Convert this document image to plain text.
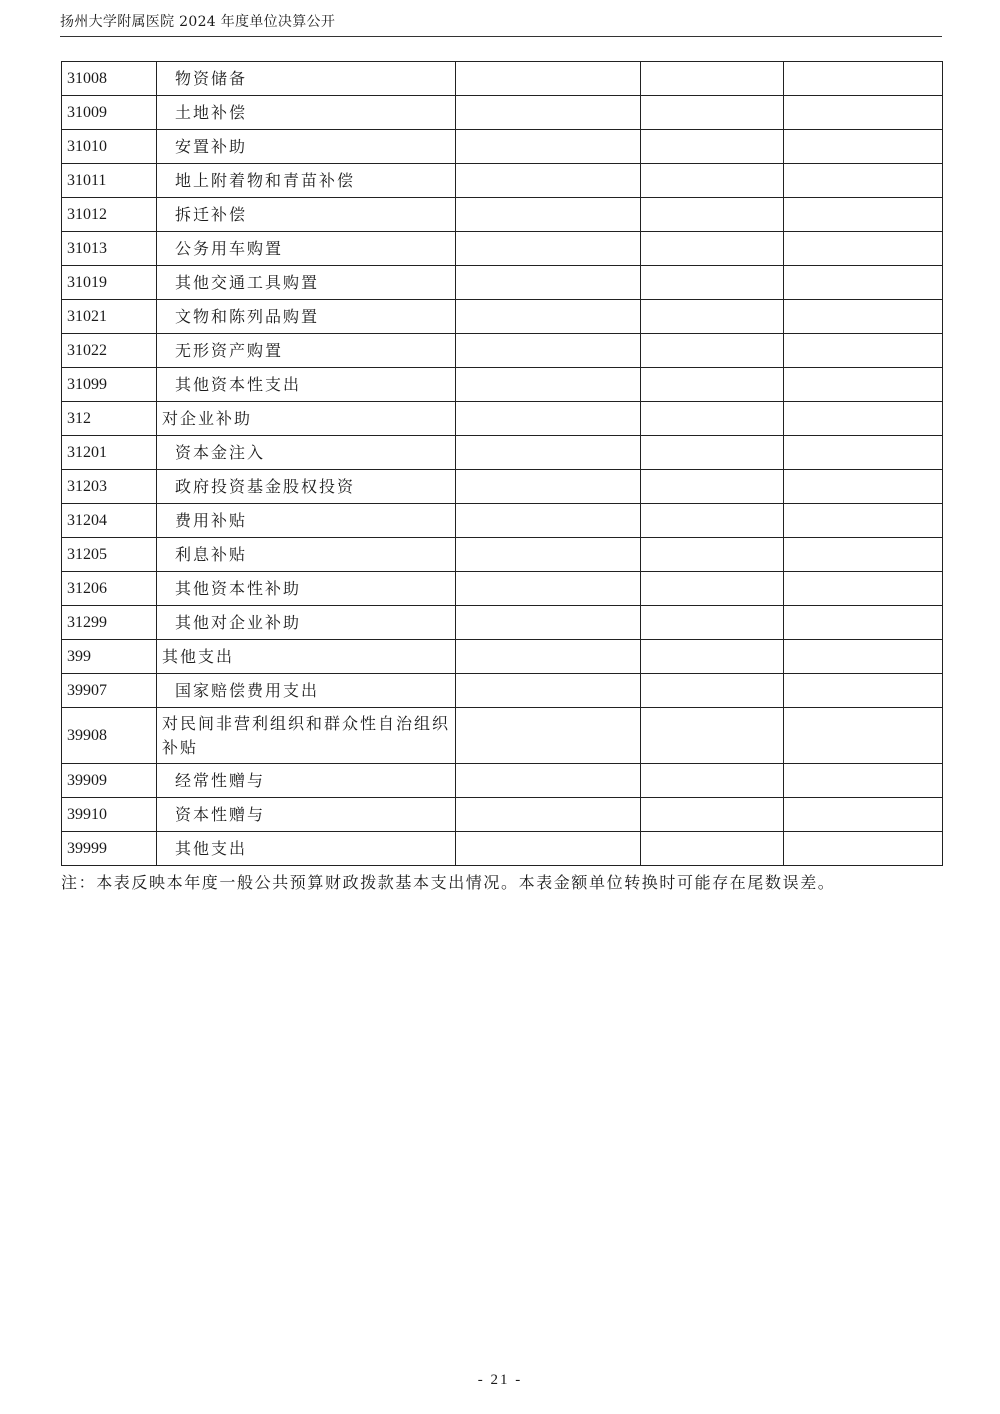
扬州大学附属医院 2024 年度单位决算公开
31008	物资储备			
31009	土地补偿			
31010	安置补助			
31011	地上附着物和青苗补偿			
31012	拆迁补偿			
31013	公务用车购置			
31019	其他交通工具购置			
31021	文物和陈列品购置			
31022	无形资产购置			
31099	其他资本性支出			
312	对企业补助			
31201	资本金注入			
31203	政府投资基金股权投资			
31204	费用补贴			
31205	利息补贴			
31206	其他资本性补助			
31299	其他对企业补助			
399	其他支出			
39907	国家赔偿费用支出			
39908	对民间非营利组织和群众性自治组织补贴			
39909	经常性赠与			
39910	资本性赠与			
39999	其他支出			
注：本表反映本年度一般公共预算财政拨款基本支出情况。本表金额单位转换时可能存在尾数误差。
- 21 -
